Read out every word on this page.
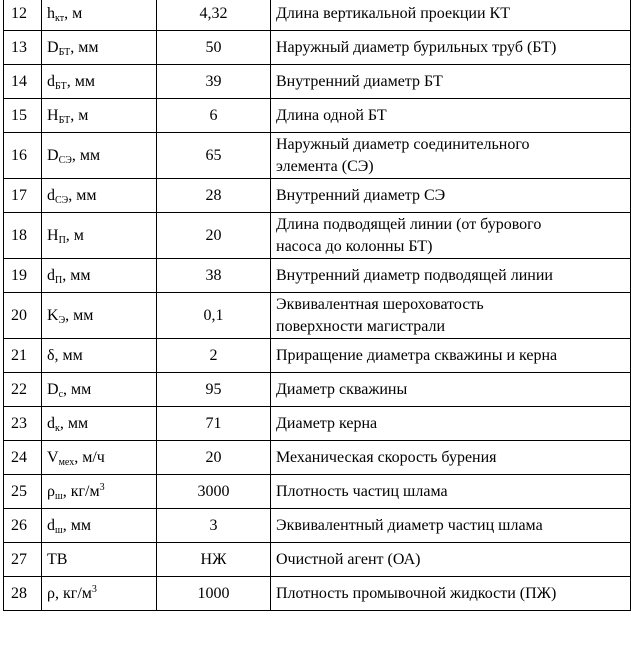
12	$h_{кт}$, м	4,32	Длина вертикальной проекции КТ
13	$D_{БТ}$, мм	50	Наружный диаметр бурильных труб (БТ)
14	$d_{БТ}$, мм	39	Внутренний диаметр БТ
15	$H_{БТ}$, м	6	Длина одной БТ
16	$D_{СЭ}$, мм	65	Наружный диаметр соединительного
элемента (СЭ)
17	$d_{СЭ}$, мм	28	Внутренний диаметр СЭ
18	$H_П$, м	20	Длина подводящей линии (от бурового
насоса до колонны БТ)
19	$d_П$, мм	38	Внутренний диаметр подводящей линии
20	$K_Э$, мм	0,1	Эквивалентная шероховатость
поверхности магистрали
21	δ, мм	2	Приращение диаметра скважины и керна
22	$D_c$, мм	95	Диаметр скважины
23	$d_к$, мм	71	Диаметр керна
24	$V_{мех}$, м/ч	20	Механическая скорость бурения
25	$\rho_ш$, $кг/м^3$	3000	Плотность частиц шлама
26	$d_ш$, мм	3	Эквивалентный диаметр частиц шлама
27	ТВ	НЖ	Очистной агент (ОА)
28	ρ, $кг/м^3$	1000	Плотность промывочной жидкости (ПЖ)
